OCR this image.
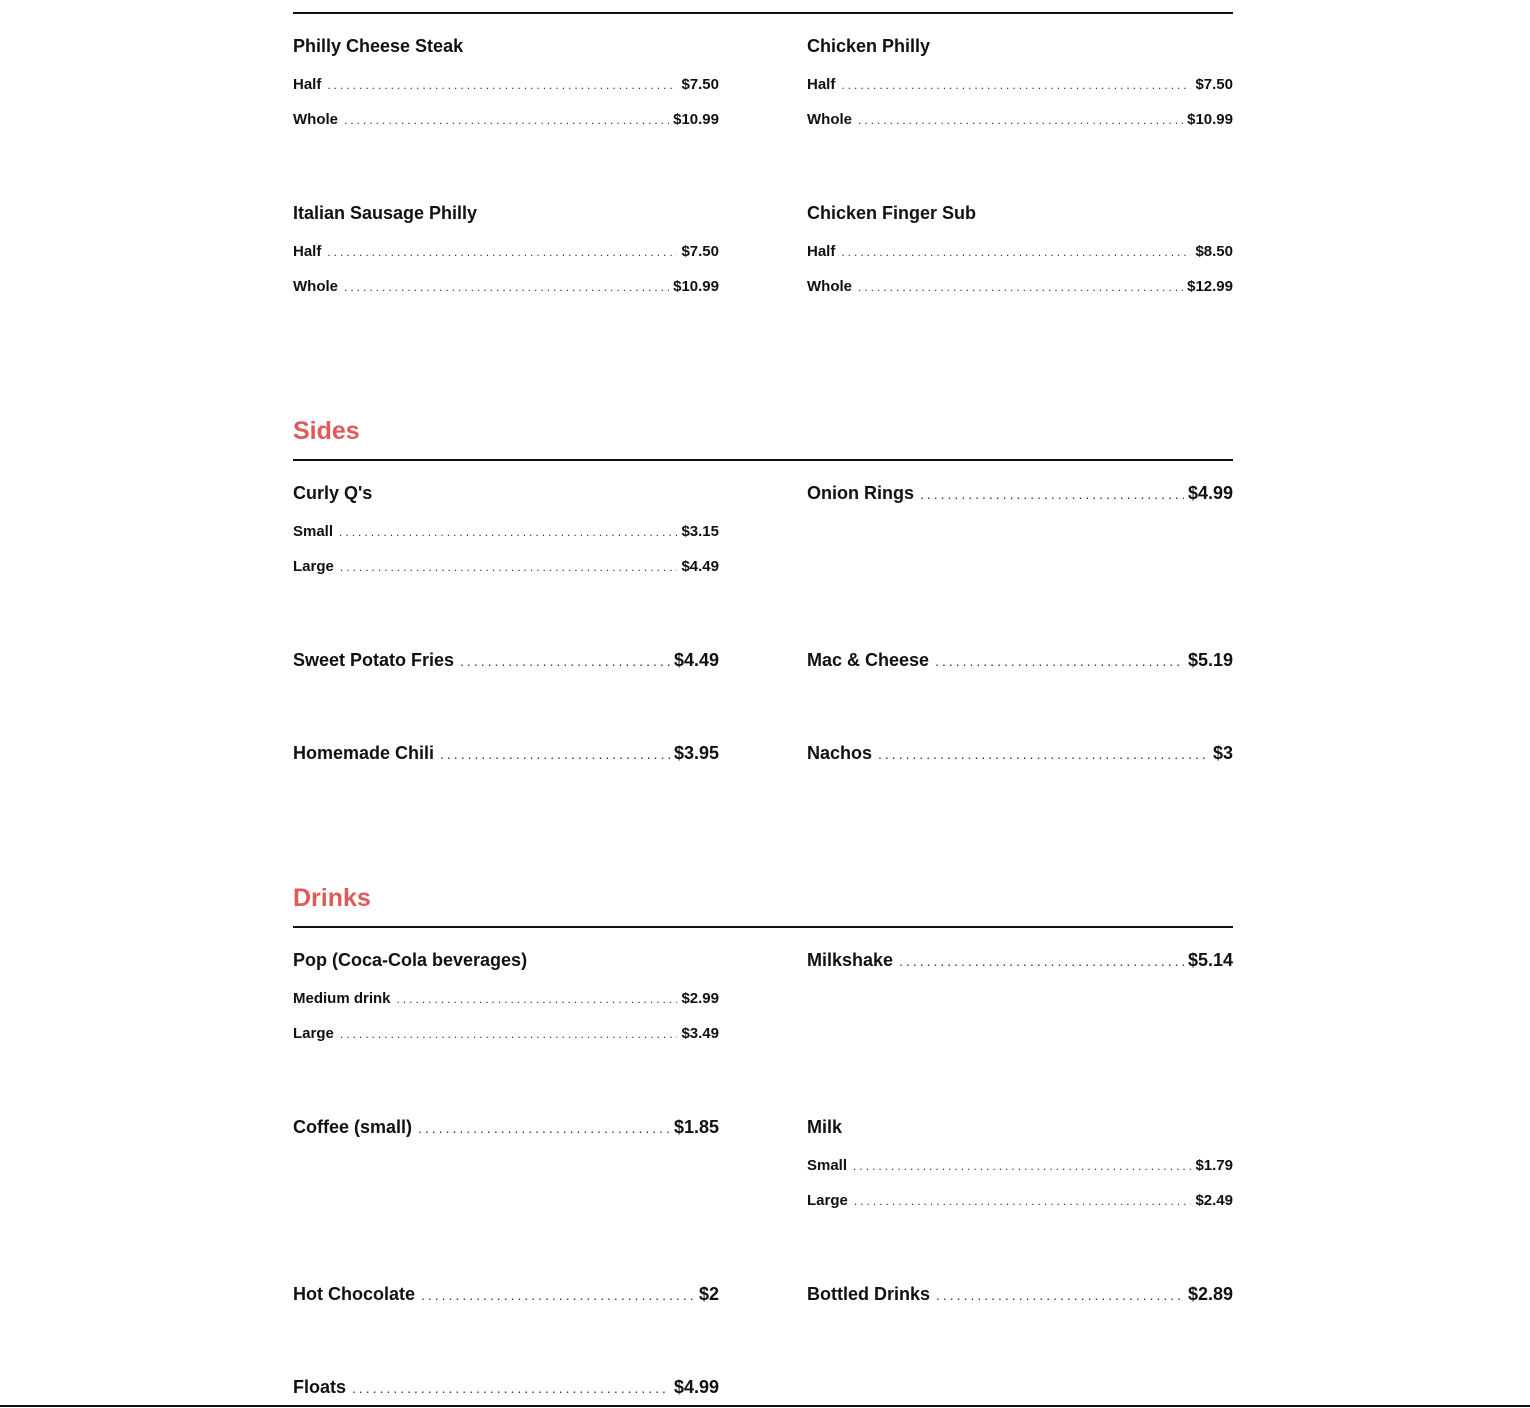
Philly Cheese Steak
Half .....	$7.50
Whole .....	$10.99
Chicken Philly
Half .....	$7.50
Whole .....	$10.99
Italian Sausage Philly
Half .....	$7.50
Whole .....	$10.99
Chicken Finger Sub
Half .....	$8.50
Whole .....	$12.99
Sides
Curly Q's
Small .....	$3.15
Large .....	$4.49
Onion Rings .....	$4.99
Sweet Potato Fries .....	$4.49	Mac & Cheese .....	$5.19
Homemade Chili .....	$3.95	Nachos .....	$3
Drinks
Pop (Coca-Cola beverages)
Medium drink .....	$2.99
Large .....	$3.49
Milkshake .....	$5.14
Coffee (small) .....	$1.85	Milk
Small .....	$1.79
Large .....	$2.49
Hot Chocolate .....	$2	Bottled Drinks .....	$2.89
Floats .....	$4.99
